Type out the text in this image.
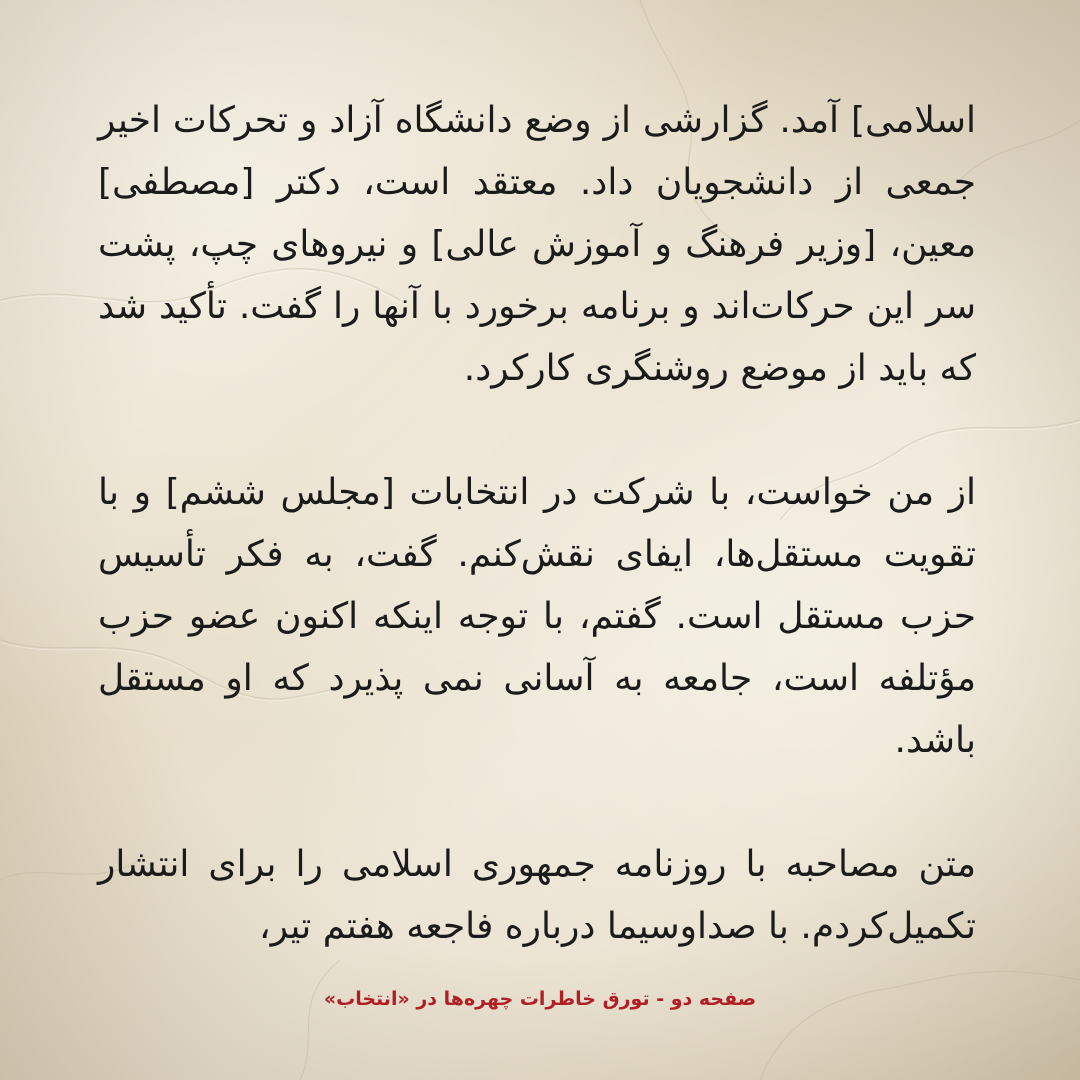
اسلامی] آمد. گزارشی از وضع دانشگاه آزاد و تحرکات اخیر جمعی از دانشجویان داد. معتقد است، دکتر [مصطفی] معین، [وزیر فرهنگ و آموزش عالی] و نیروهای چپ، پشت سر این حرکات‌اند و برنامه برخورد با آنها را گفت. تأکید شد که باید از موضع روشنگری کارکرد.

از من خواست، با شرکت در انتخابات [مجلس ششم] و با تقویت مستقل‌ها، ایفای نقش‌کنم. گفت، به فکر تأسیس حزب مستقل است. گفتم، با توجه اینکه اکنون عضو حزب مؤتلفه است، جامعه به آسانی نمی پذیرد که او مستقل باشد.

متن مصاحبه با روزنامه جمهوری اسلامی را برای انتشار تکمیل‌کردم. با صداوسیما درباره فاجعه هفتم تیر،

صفحه دو - تورق خاطرات چهره‌ها در «انتخاب»
